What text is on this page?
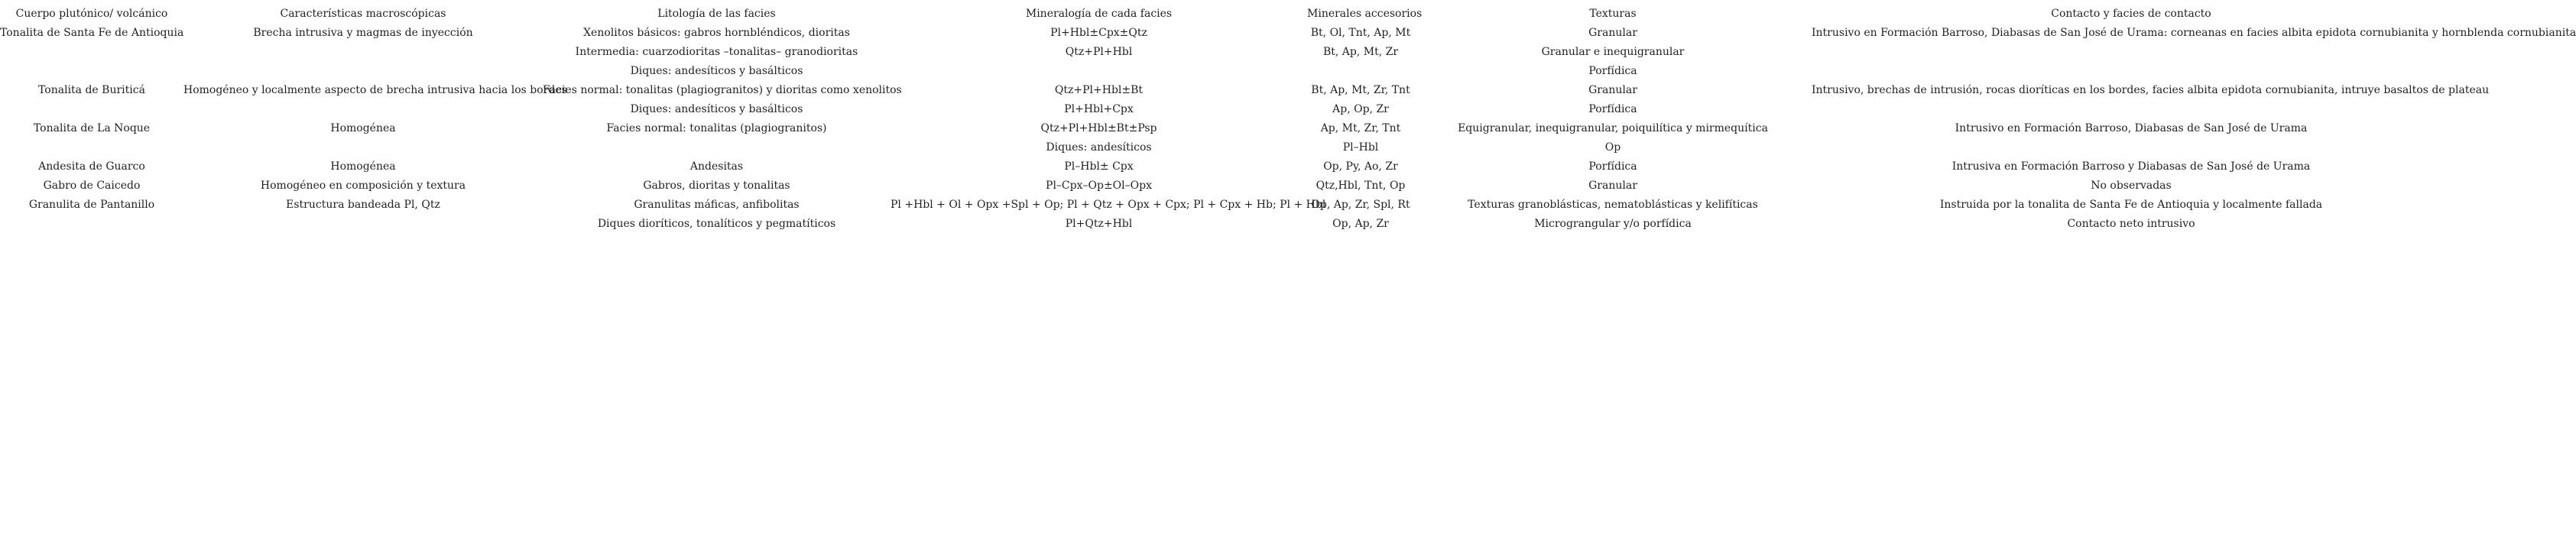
Cuerpo plutónico/ volcánico	Características macroscópicas	Litología de las facies	Mineralogía de cada facies	Minerales accesorios	Texturas	Contacto y facies de contacto
Tonalita de Santa Fe de Antioquia	Brecha intrusiva y magmas de inyección	Xenolitos básicos: gabros hornbléndicos, dioritas	Pl+Hbl±Cpx±Qtz	Bt, Ol, Tnt, Ap, Mt	Granular	Intrusivo en Formación Barroso, Diabasas de San José de Urama: corneanas en facies albita epidota cornubianita y hornblenda cornubianita
		Intermedia: cuarzodioritas –tonalitas– granodioritas	Qtz+Pl+Hbl	Bt, Ap, Mt, Zr	Granular e inequigranular	
		Diques: andesíticos y basálticos			Porfídica	
Tonalita de Buriticá	Homogéneo y localmente aspecto de brecha intrusiva hacia los bordes	Facies normal: tonalitas (plagiogranitos) y dioritas como xenolitos	Qtz+Pl+Hbl±Bt	Bt, Ap, Mt, Zr, Tnt	Granular	Intrusivo, brechas de intrusión, rocas dioríticas en los bordes, facies albita epidota cornubianita, intruye basaltos de plateau
		Diques: andesíticos y basálticos	Pl+Hbl+Cpx	Ap, Op, Zr	Porfídica	
Tonalita de La Noque	Homogénea	Facies normal: tonalitas (plagiogranitos)	Qtz+Pl+Hbl±Bt±Psp	Ap, Mt, Zr, Tnt	Equigranular, inequigranular, poiquilítica y mirmequítica	Intrusivo en Formación Barroso, Diabasas de San José de Urama
			Diques: andesíticos	Pl–Hbl	Op	
Andesita de Guarco	Homogénea	Andesitas	Pl–Hbl± Cpx	Op, Py, Ao, Zr	Porfídica	Intrusiva en Formación Barroso y Diabasas de San José de Urama
Gabro de Caicedo	Homogéneo en composición y textura	Gabros, dioritas y tonalitas	Pl–Cpx–Op±Ol–Opx	Qtz,Hbl, Tnt, Op	Granular	No observadas
Granulita de Pantanillo	Estructura bandeada Pl, Qtz	Granulitas máficas, anfibolitas	Pl +Hbl + Ol + Opx +Spl + Op; Pl + Qtz + Opx + Cpx; Pl + Cpx + Hb; Pl + Hbl	Op, Ap, Zr, Spl, Rt	Texturas granoblásticas, nematoblásticas y kelifíticas	Instruida por la tonalita de Santa Fe de Antioquia y localmente fallada
		Diques dioríticos, tonalíticos y pegmatíticos	Pl+Qtz+Hbl	Op, Ap, Zr	Micrograngular y/o porfídica	Contacto neto intrusivo
